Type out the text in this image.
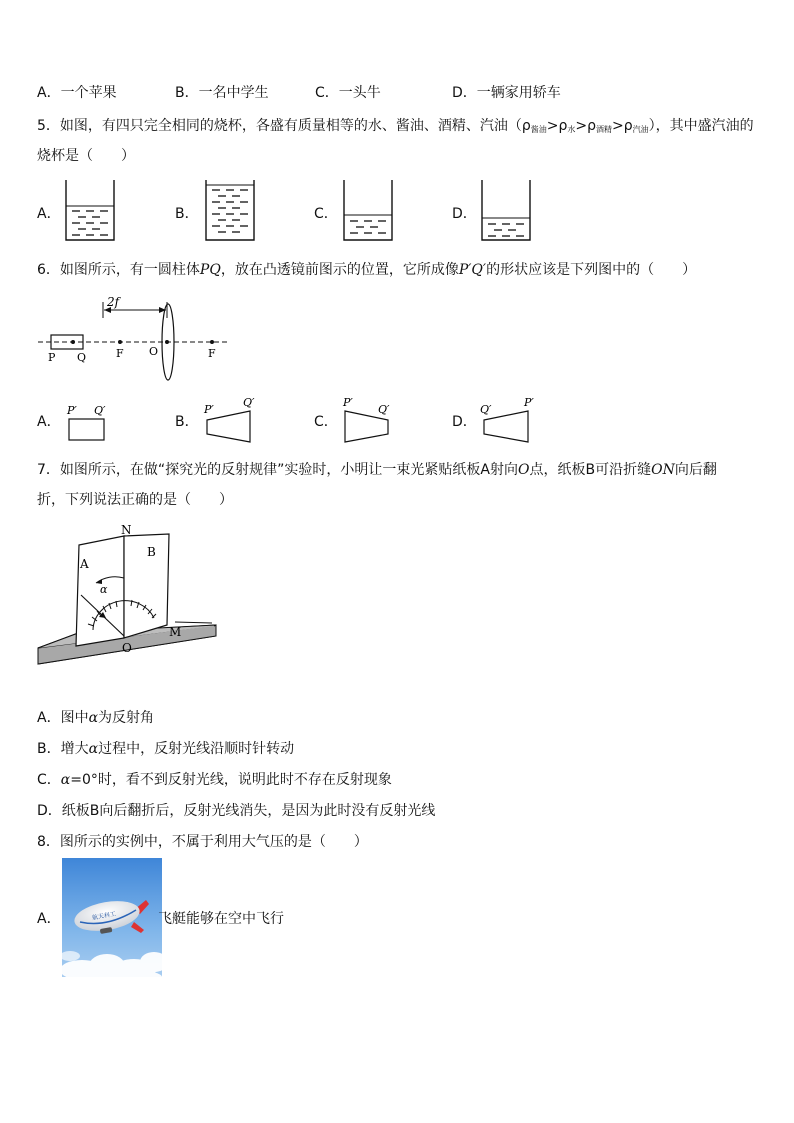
A．一个苹果	B．一名中学生	C．一头牛	D．一辆家用轿车
5．如图，有四只完全相同的烧杯，各盛有质量相等的水、酱油、酒精、汽油$(\rho_{酱油}>\rho_水>\rho_{酒精}>\rho_{汽油})$，其中盛汽油的
烧杯是（　　）
A．	B．	C．	D．
6．如图所示，有一圆柱体PQ，放在凸透镜前图示的位置，它所成像P′Q′的形状应该是下列图中的（　　）
2f
P Q	F O	F
A．	B．	C．	D．
P′ Q′	P′
Q′	P′
Q′	Q′
P′
7．如图所示，在做“探究光的反射规律”实验时，小明让一束光紧贴纸板A射向O点，纸板B可沿折缝ON向后翻
折，下列说法正确的是（　　）
N
A
B
α
O
M
A．图中α为反射角
B．增大α过程中，反射光线沿顺时针转动
C．α=0°时，看不到反射光线，说明此时不存在反射现象
D．纸板B向后翻折后，反射光线消失，是因为此时没有反射光线
8．图所示的实例中，不属于利用大气压的是（　　）
A．	航天科工	飞艇能够在空中飞行
